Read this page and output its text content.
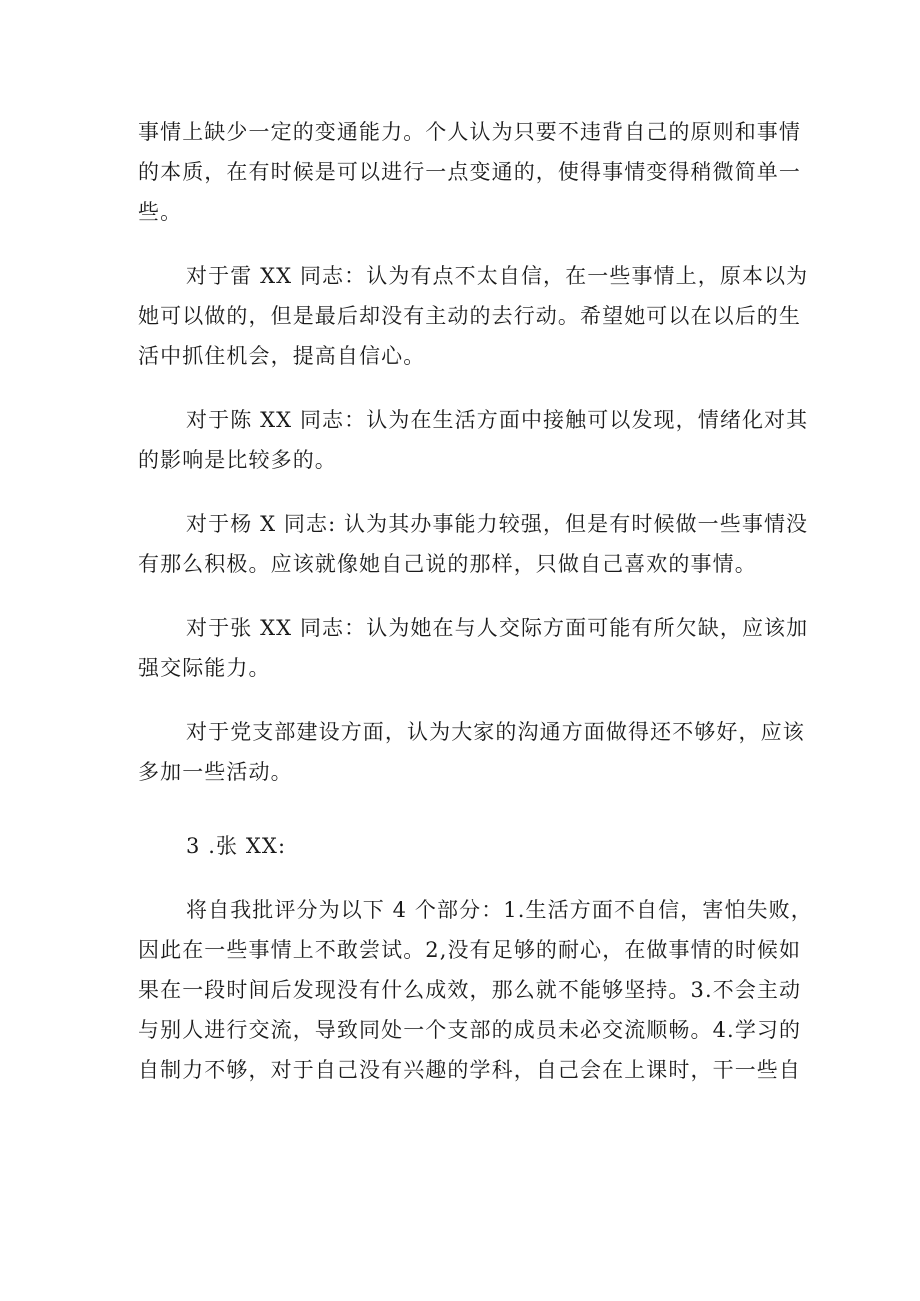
事情上缺少一定的变通能力。个人认为只要不违背自己的原则和事情
的本质，在有时候是可以进行一点变通的，使得事情变得稍微简单一
些。
对于雷 XX 同志：认为有点不太自信，在一些事情上，原本以为
她可以做的，但是最后却没有主动的去行动。希望她可以在以后的生
活中抓住机会，提高自信心。
对于陈 XX 同志：认为在生活方面中接触可以发现，情绪化对其
的影响是比较多的。
对于杨 X 同志: 认为其办事能力较强，但是有时候做一些事情没
有那么积极。应该就像她自己说的那样，只做自己喜欢的事情。
对于张 XX 同志：认为她在与人交际方面可能有所欠缺，应该加
强交际能力。
对于党支部建设方面，认为大家的沟通方面做得还不够好，应该
多加一些活动。
3 .张 XX:
将自我批评分为以下 4 个部分：1.生活方面不自信，害怕失败，
因此在一些事情上不敢尝试。2,没有足够的耐心，在做事情的时候如
果在一段时间后发现没有什么成效，那么就不能够坚持。3.不会主动
与别人进行交流，导致同处一个支部的成员未必交流顺畅。4.学习的
自制力不够，对于自己没有兴趣的学科，自己会在上课时，干一些自
